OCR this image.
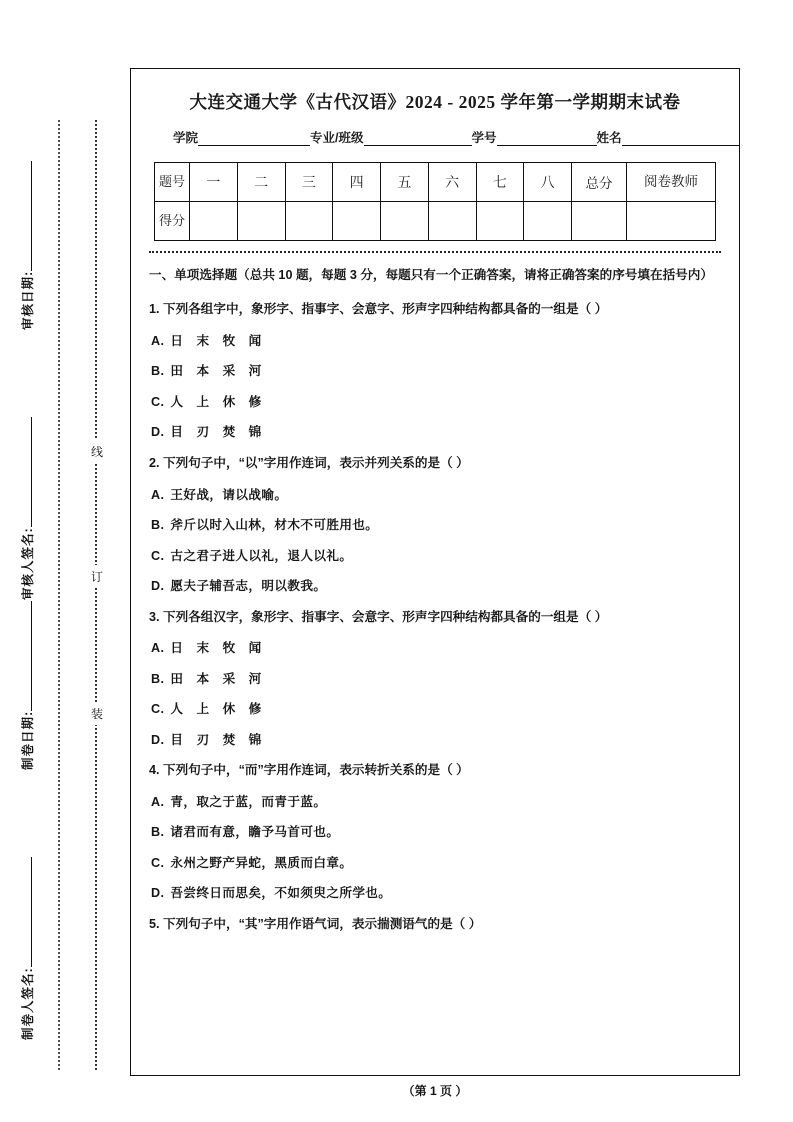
审核日期:
审核人签名:
制卷日期:
制卷人签名:
线
订
装
大连交通大学《古代汉语》2024 - 2025 学年第一学期期末试卷
学院	专业/班级	学号	姓名
题号	一	二	三	四	五	六	七	八	总分	阅卷教师
得分										
一、单项选择题（总共 10 题，每题 3 分，每题只有一个正确答案，请将正确答案的序号填在括号内）
1. 下列各组字中，象形字、指事字、会意字、形声字四种结构都具备的一组是（ ）
A. 日 末 牧 闻
B. 田 本 采 河
C. 人 上 休 修
D. 目 刃 焚 锦
2. 下列句子中，“以”字用作连词，表示并列关系的是（ ）
A. 王好战，请以战喻。
B. 斧斤以时入山林，材木不可胜用也。
C. 古之君子进人以礼，退人以礼。
D. 愿夫子辅吾志，明以教我。
3. 下列各组汉字，象形字、指事字、会意字、形声字四种结构都具备的一组是（ ）
A. 日 末 牧 闻
B. 田 本 采 河
C. 人 上 休 修
D. 目 刃 焚 锦
4. 下列句子中，“而”字用作连词，表示转折关系的是（ ）
A. 青，取之于蓝，而青于蓝。
B. 诸君而有意，瞻予马首可也。
C. 永州之野产异蛇，黑质而白章。
D. 吾尝终日而思矣，不如须臾之所学也。
5. 下列句子中，“其”字用作语气词，表示揣测语气的是（ ）
（第 1 页 ）
